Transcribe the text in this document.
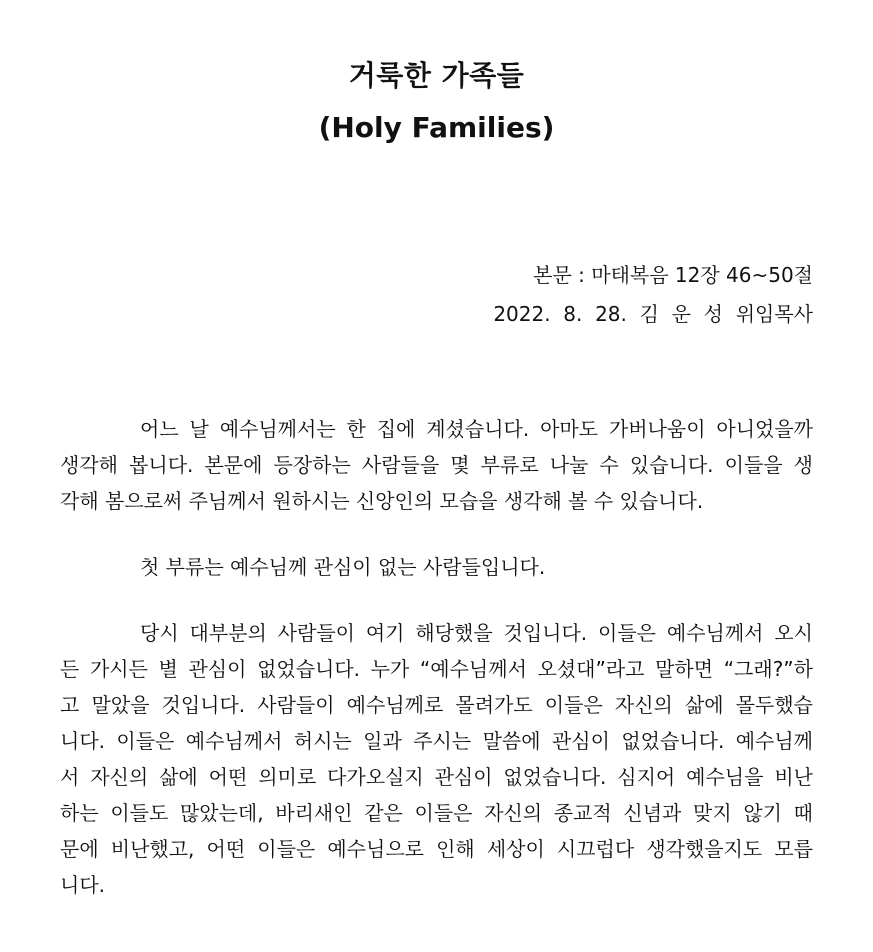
거룩한 가족들
(Holy Families)
본문 : 마태복음 12장 46~50절
2022.  8.  28.  김  운  성  위임목사
어느 날 예수님께서는 한 집에 계셨습니다. 아마도 가버나움이 아니었을까
생각해 봅니다. 본문에 등장하는 사람들을 몇 부류로 나눌 수 있습니다. 이들을 생
각해 봄으로써 주님께서 원하시는 신앙인의 모습을 생각해 볼 수 있습니다.
첫 부류는 예수님께 관심이 없는 사람들입니다.
당시 대부분의 사람들이 여기 해당했을 것입니다. 이들은 예수님께서 오시
든 가시든 별 관심이 없었습니다. 누가 “예수님께서 오셨대”라고 말하면 “그래?”하
고 말았을 것입니다. 사람들이 예수님께로 몰려가도 이들은 자신의 삶에 몰두했습
니다. 이들은 예수님께서 허시는 일과 주시는 말씀에 관심이 없었습니다. 예수님께
서 자신의 삶에 어떤 의미로 다가오실지 관심이 없었습니다. 심지어 예수님을 비난
하는 이들도 많았는데, 바리새인 같은 이들은 자신의 종교적 신념과 맞지 않기 때
문에 비난했고, 어떤 이들은 예수님으로 인해 세상이 시끄럽다 생각했을지도 모릅
니다.
